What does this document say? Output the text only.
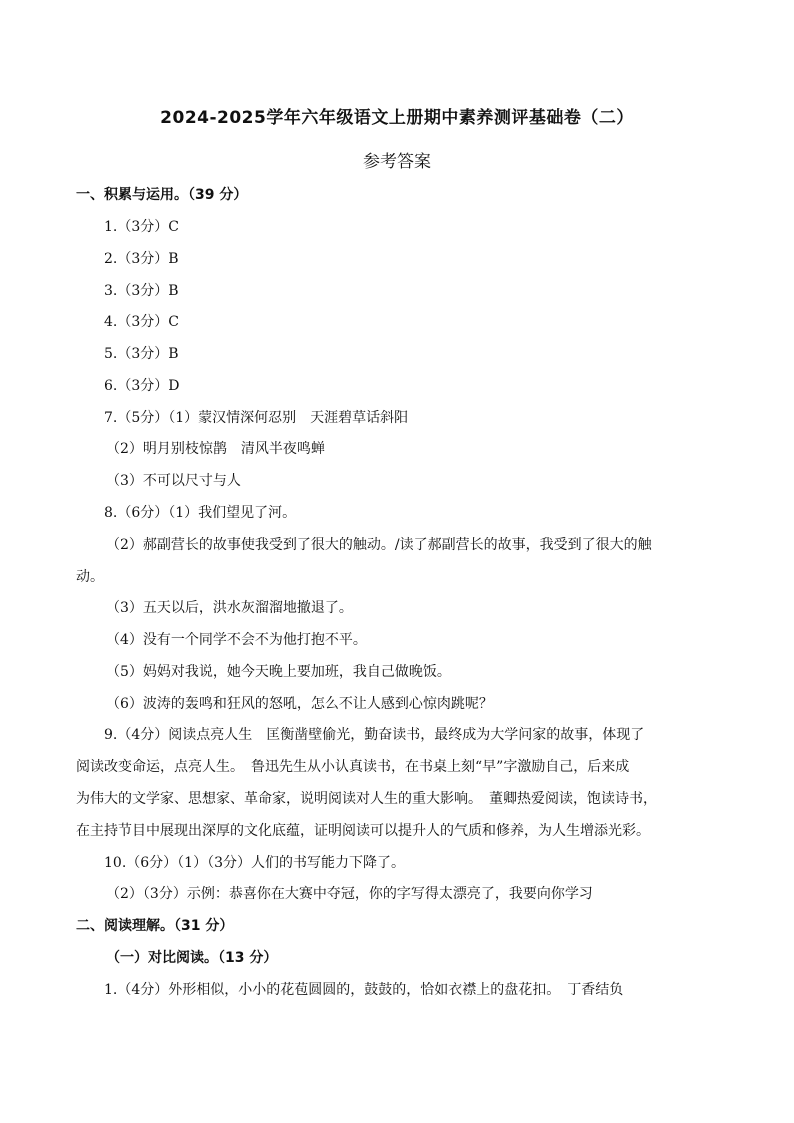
2024-2025学年六年级语文上册期中素养测评基础卷（二）
参考答案
一、积累与运用。（39 分）
1.（3分）C
2.（3分）B
3.（3分）B
4.（3分）C
5.（3分）B
6.（3分）D
7.（5分）（1）蒙汉情深何忍别　天涯碧草话斜阳
（2）明月别枝惊鹊　清风半夜鸣蝉
（3）不可以尺寸与人
8.（6分）（1）我们望见了河。
（2）郝副营长的故事使我受到了很大的触动。/读了郝副营长的故事，我受到了很大的触
动。
（3）五天以后，洪水灰溜溜地撤退了。
（4）没有一个同学不会不为他打抱不平。
（5）妈妈对我说，她今天晚上要加班，我自己做晚饭。
（6）波涛的轰鸣和狂风的怒吼，怎么不让人感到心惊肉跳呢？
9.（4分）阅读点亮人生　匡衡凿壁偷光，勤奋读书，最终成为大学问家的故事，体现了
阅读改变命运，点亮人生。　鲁迅先生从小认真读书，在书桌上刻“早”字激励自己，后来成
为伟大的文学家、思想家、革命家，说明阅读对人生的重大影响。　董卿热爱阅读，饱读诗书，
在主持节目中展现出深厚的文化底蕴，证明阅读可以提升人的气质和修养，为人生增添光彩。
10.（6分）（1）（3分）人们的书写能力下降了。
（2）（3分）示例：恭喜你在大赛中夺冠，你的字写得太漂亮了，我要向你学习
二、阅读理解。（31 分）
（一）对比阅读。（13 分）
1.（4分）外形相似，小小的花苞圆圆的，鼓鼓的，恰如衣襟上的盘花扣。　丁香结负
